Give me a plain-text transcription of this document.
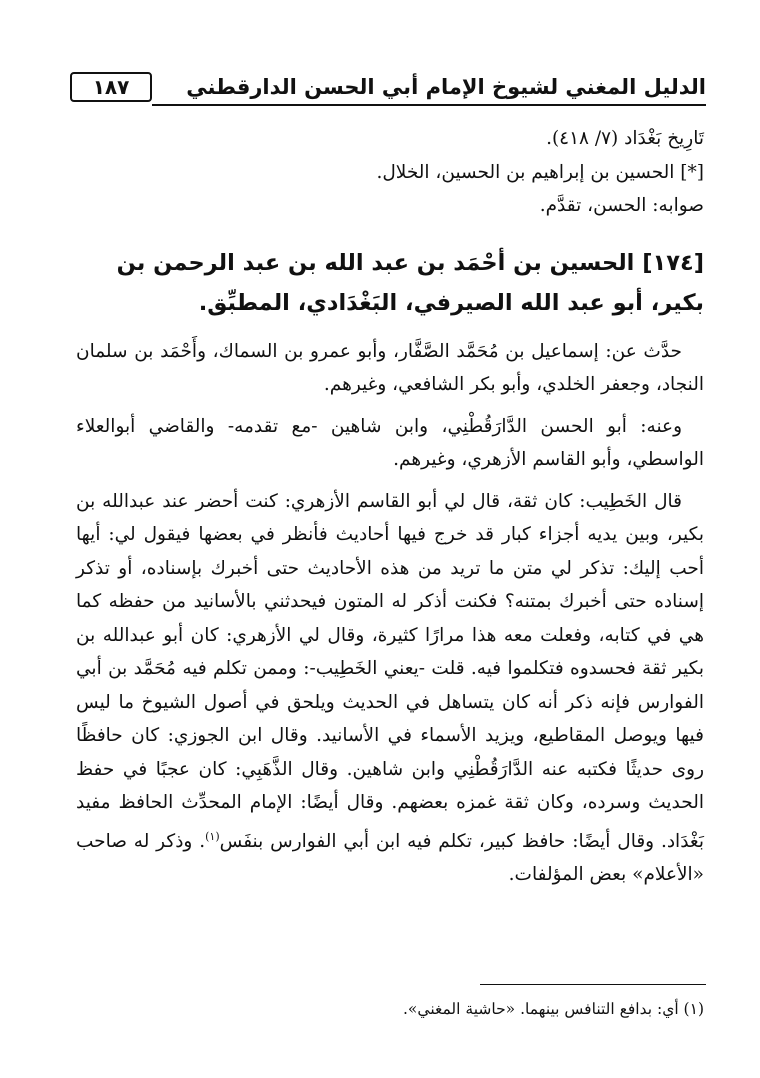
١٨٧	الدليل المغني لشيوخ الإمام أبي الحسن الدارقطني

تَارِيخ بَغْدَاد (٧/ ٤١٨).

[*] الحسين بن إبراهيم بن الحسين، الخلال.

صوابه: الحسن، تقدَّم.

[١٧٤] الحسين بن أحْمَد بن عبد الله بن عبد الرحمن بن بكير، أبو عبد الله الصيرفي، البَغْدَادي، المطبِّق.

حدَّث عن: إسماعيل بن مُحَمَّد الصَّفَّار، وأبو عمرو بن السماك، وأَحْمَد بن سلمان النجاد، وجعفر الخلدي، وأبو بكر الشافعي، وغيرهم.

وعنه: أبو الحسن الدَّارَقُطْنِي، وابن شاهين -مع تقدمه- والقاضي أبوالعلاء الواسطي، وأبو القاسم الأزهري، وغيرهم.

قال الخَطِيب: كان ثقة، قال لي أبو القاسم الأزهري: كنت أحضر عند عبدالله بن بكير، وبين يديه أجزاء كبار قد خرج فيها أحاديث فأنظر في بعضها فيقول لي: أيها أحب إليك: تذكر لي متن ما تريد من هذه الأحاديث حتى أخبرك بإسناده، أو تذكر إسناده حتى أخبرك بمتنه؟ فكنت أذكر له المتون فيحدثني بالأسانيد من حفظه كما هي في كتابه، وفعلت معه هذا مرارًا كثيرة، وقال لي الأزهري: كان أبو عبدالله بن بكير ثقة فحسدوه فتكلموا فيه. قلت -يعني الخَطِيب-: وممن تكلم فيه مُحَمَّد بن أبي الفوارس فإنه ذكر أنه كان يتساهل في الحديث ويلحق في أصول الشيوخ ما ليس فيها ويوصل المقاطيع، ويزيد الأسماء في الأسانيد. وقال ابن الجوزي: كان حافظًا روى حديثًا فكتبه عنه الدَّارَقُطْنِي وابن شاهين. وقال الذَّهَبِي: كان عجبًا في حفظ الحديث وسرده، وكان ثقة غمزه بعضهم. وقال أيضًا: الإمام المحدِّث الحافظ مفيد بَغْدَاد. وقال أيضًا: حافظ كبير، تكلم فيه ابن أبي الفوارس بنفَس$^{(١)}$. وذكر له صاحب «الأعلام» بعض المؤلفات.

(١) أي: بدافع التنافس بينهما. «حاشية المغني».
